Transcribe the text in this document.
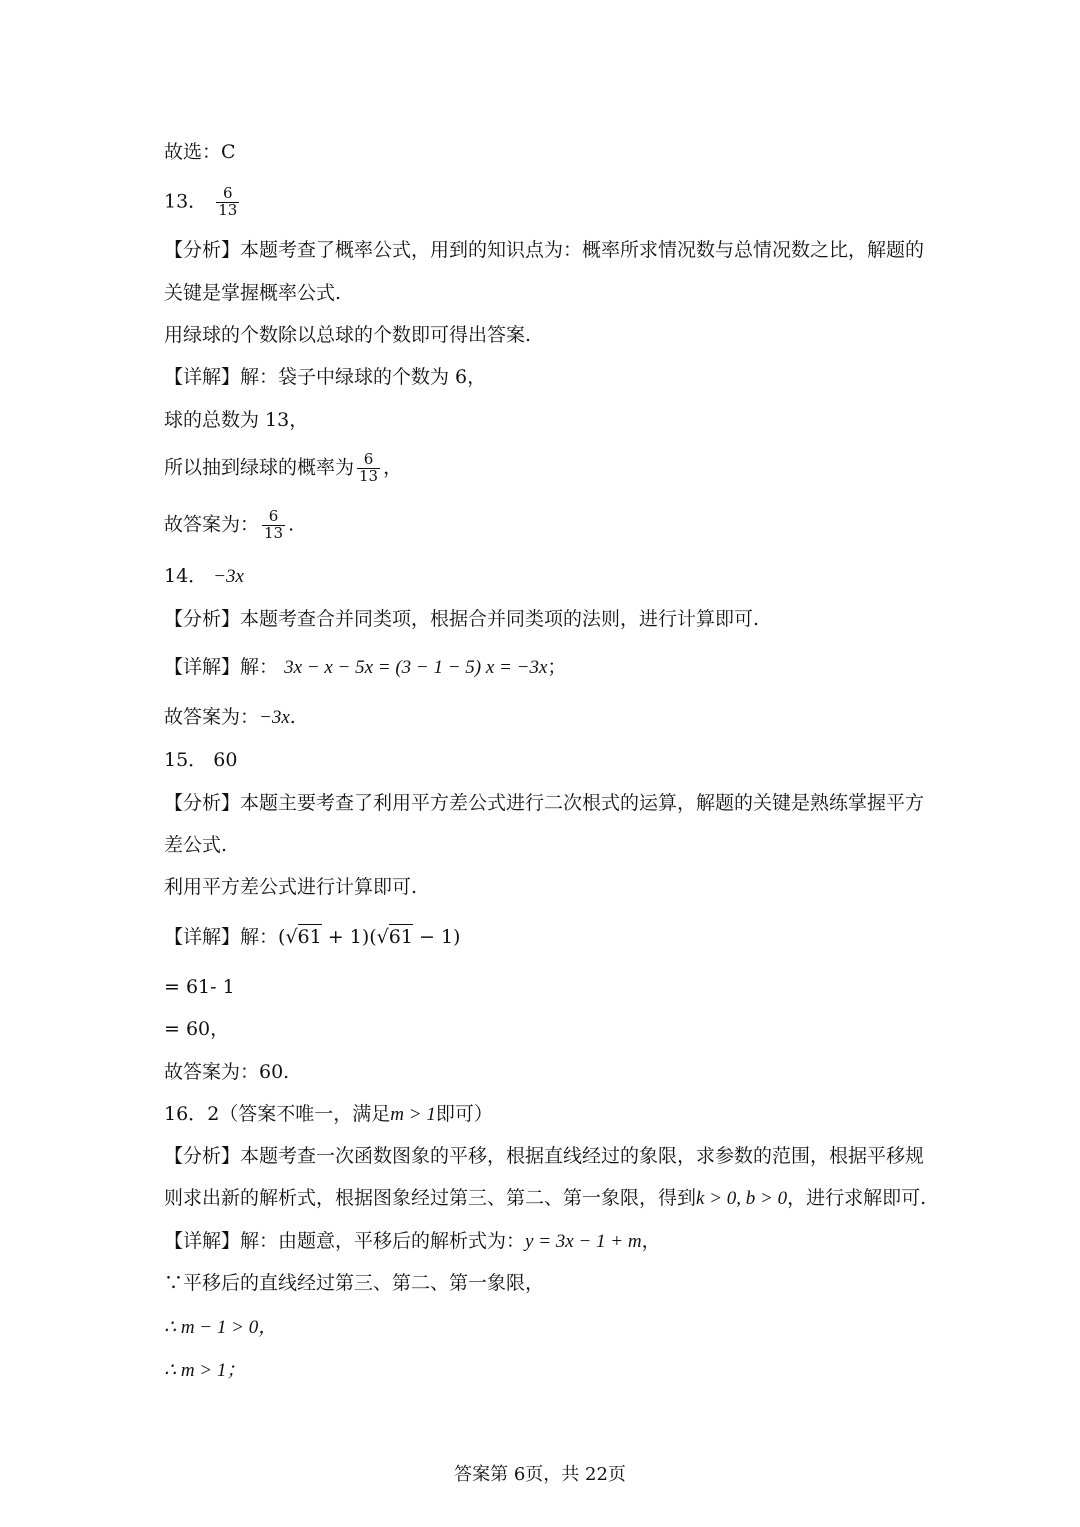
故选：C
13． $\frac{6}{13}$
【分析】本题考查了概率公式，用到的知识点为：概率所求情况数与总情况数之比，解题的
关键是掌握概率公式.
用绿球的个数除以总球的个数即可得出答案.
【详解】解：袋子中绿球的个数为 6，
球的总数为 13，
所以抽到绿球的概率为 $\frac{6}{13}$ ，
故答案为： $\frac{6}{13}$ .
14． −3x
【分析】本题考查合并同类项，根据合并同类项的法则，进行计算即可.
【详解】解： 3x − x − 5x = (3 − 1 − 5) x = −3x；
故答案为：−3x.
15． 60
【分析】本题主要考查了利用平方差公式进行二次根式的运算，解题的关键是熟练掌握平方
差公式.
利用平方差公式进行计算即可.
【详解】解：(√61 + 1)(√61 − 1)
= 61- 1
= 60，
故答案为：60.
16．2（答案不唯一，满足m > 1即可）
【分析】本题考查一次函数图象的平移，根据直线经过的象限，求参数的范围，根据平移规
则求出新的解析式，根据图象经过第三、第二、第一象限，得到k > 0, b > 0，进行求解即可.
【详解】解：由题意，平移后的解析式为：y = 3x − 1 + m，
∵平移后的直线经过第三、第二、第一象限，
∴ m − 1 > 0，
∴ m > 1；
答案第 6页，共 22页
